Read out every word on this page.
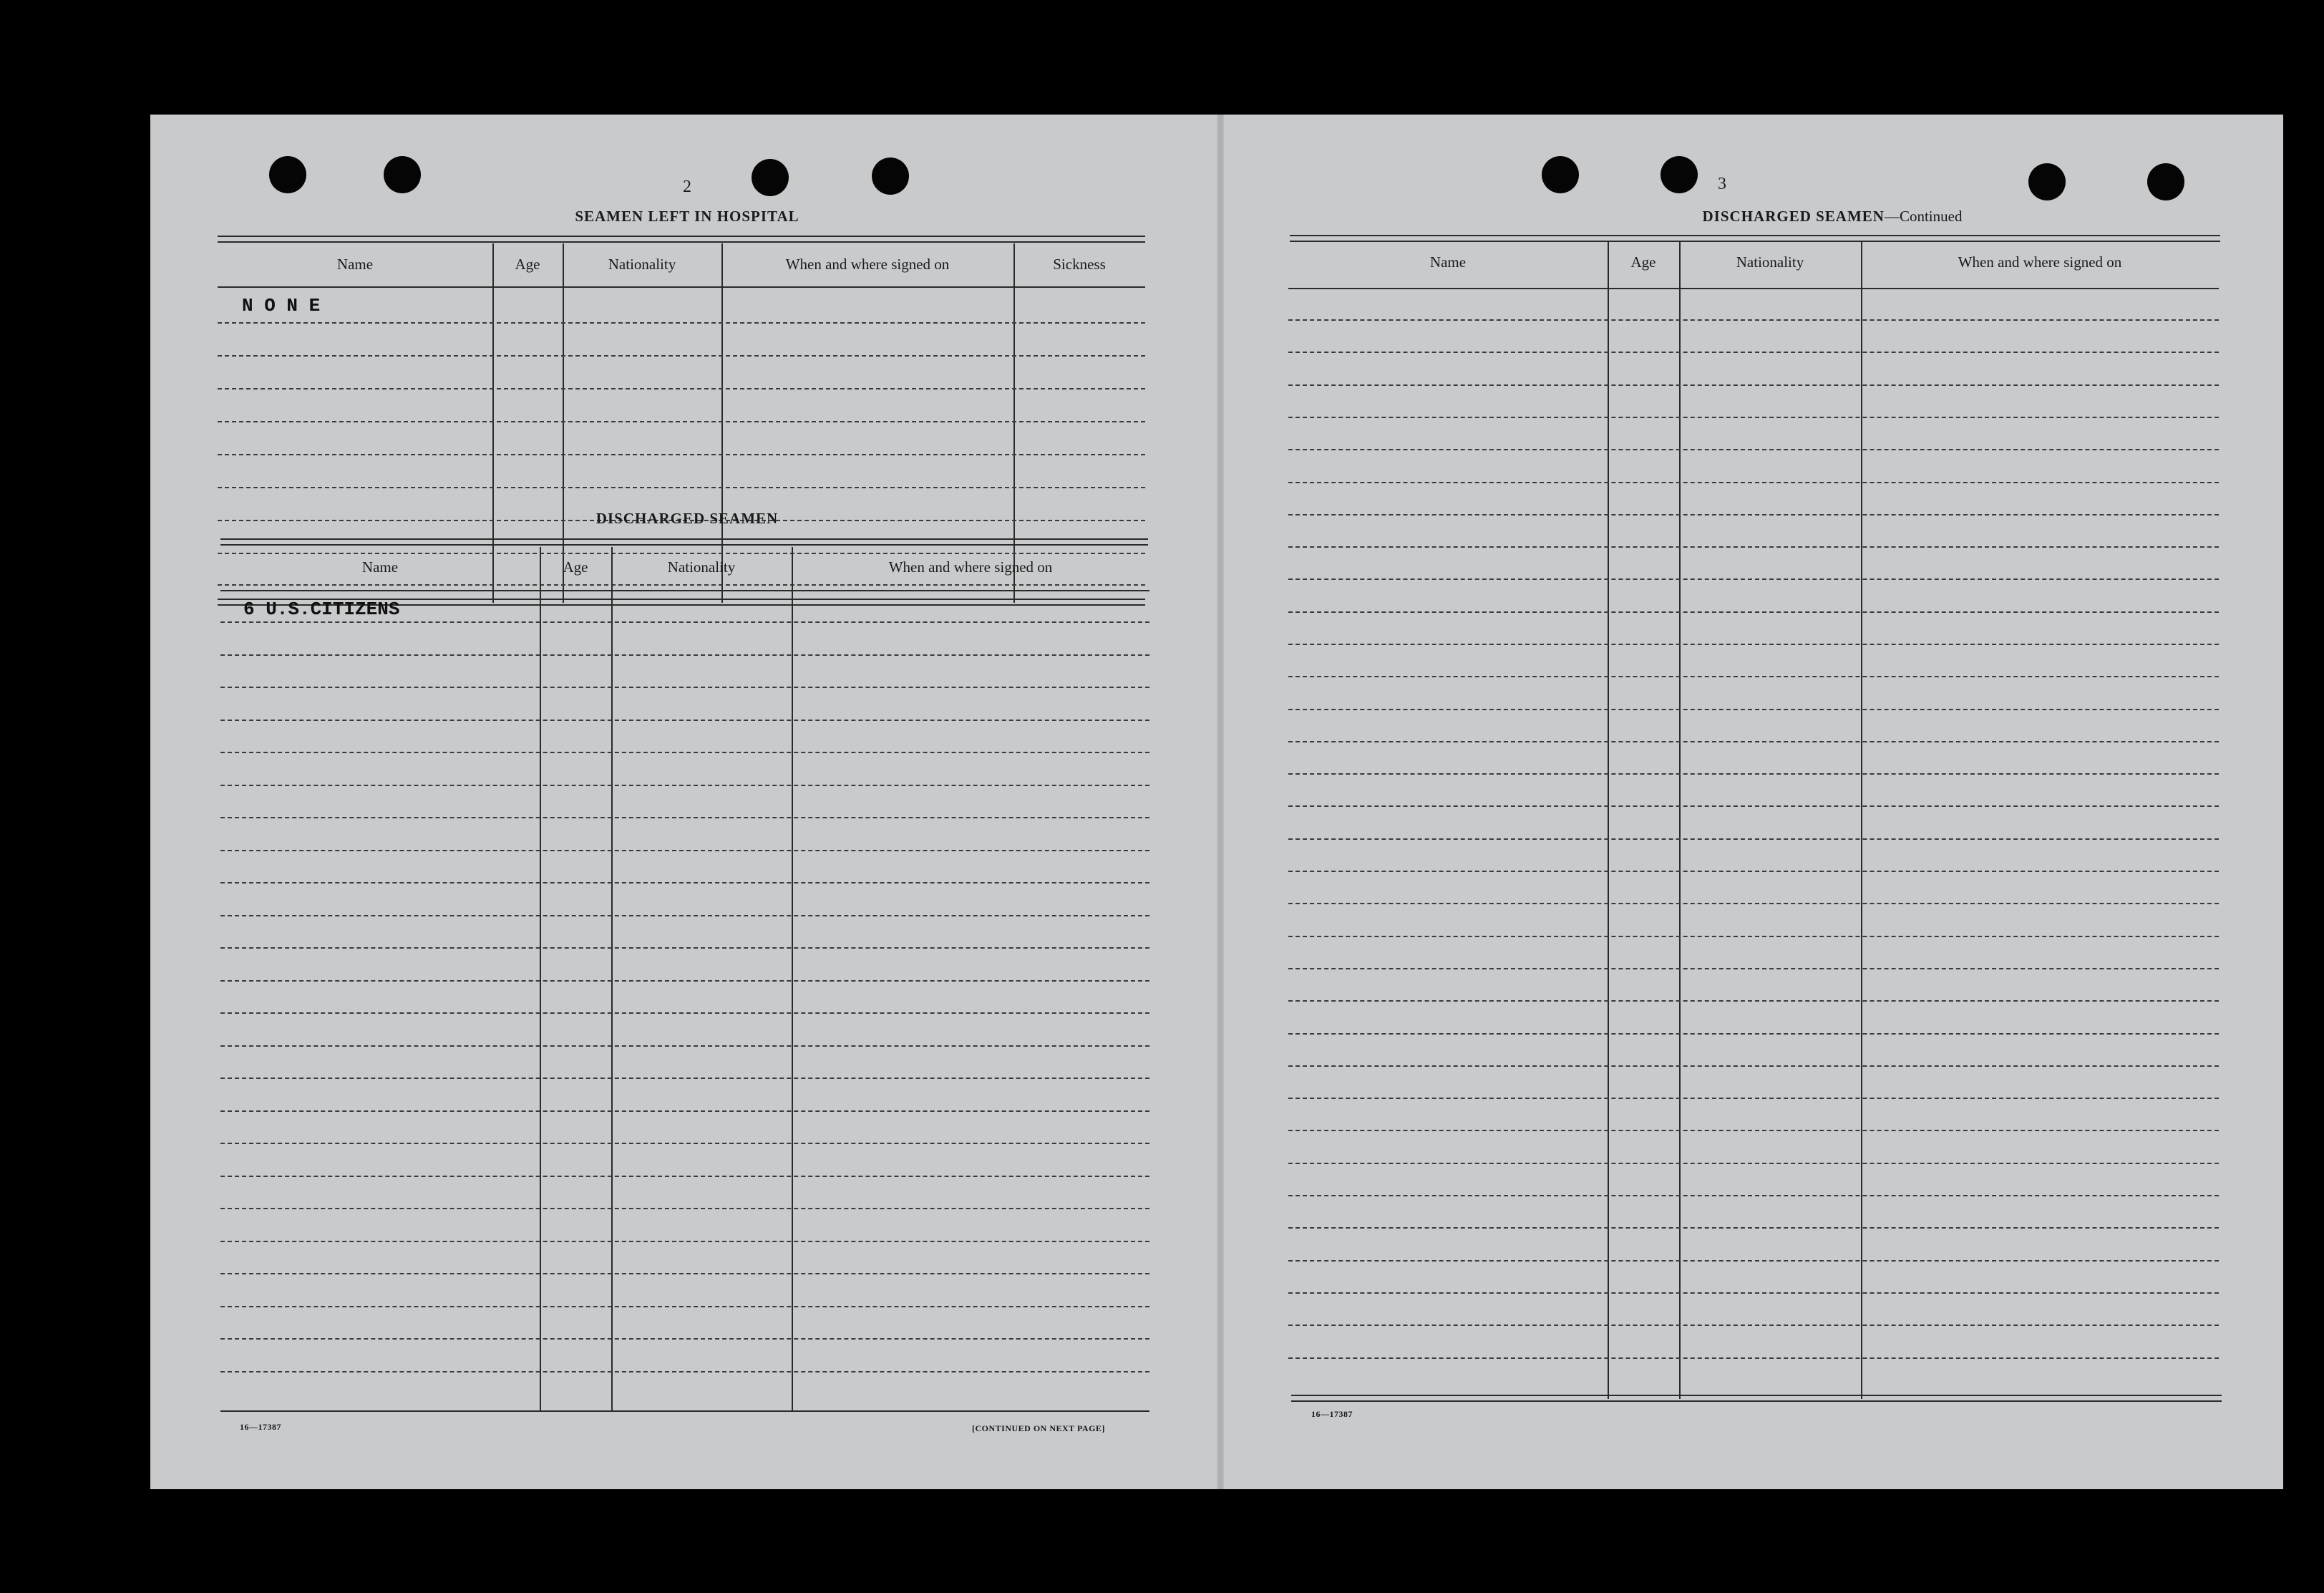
2
SEAMEN LEFT IN HOSPITAL
Name	Age	Nationality	When and where signed on	Sickness
N O N E
DISCHARGED SEAMEN
Name	Age	Nationality	When and where signed on
6 U.S.CITIZENS
16—17387	[CONTINUED ON NEXT PAGE]
3
DISCHARGED SEAMEN—Continued
Name	Age	Nationality	When and where signed on
16—17387
